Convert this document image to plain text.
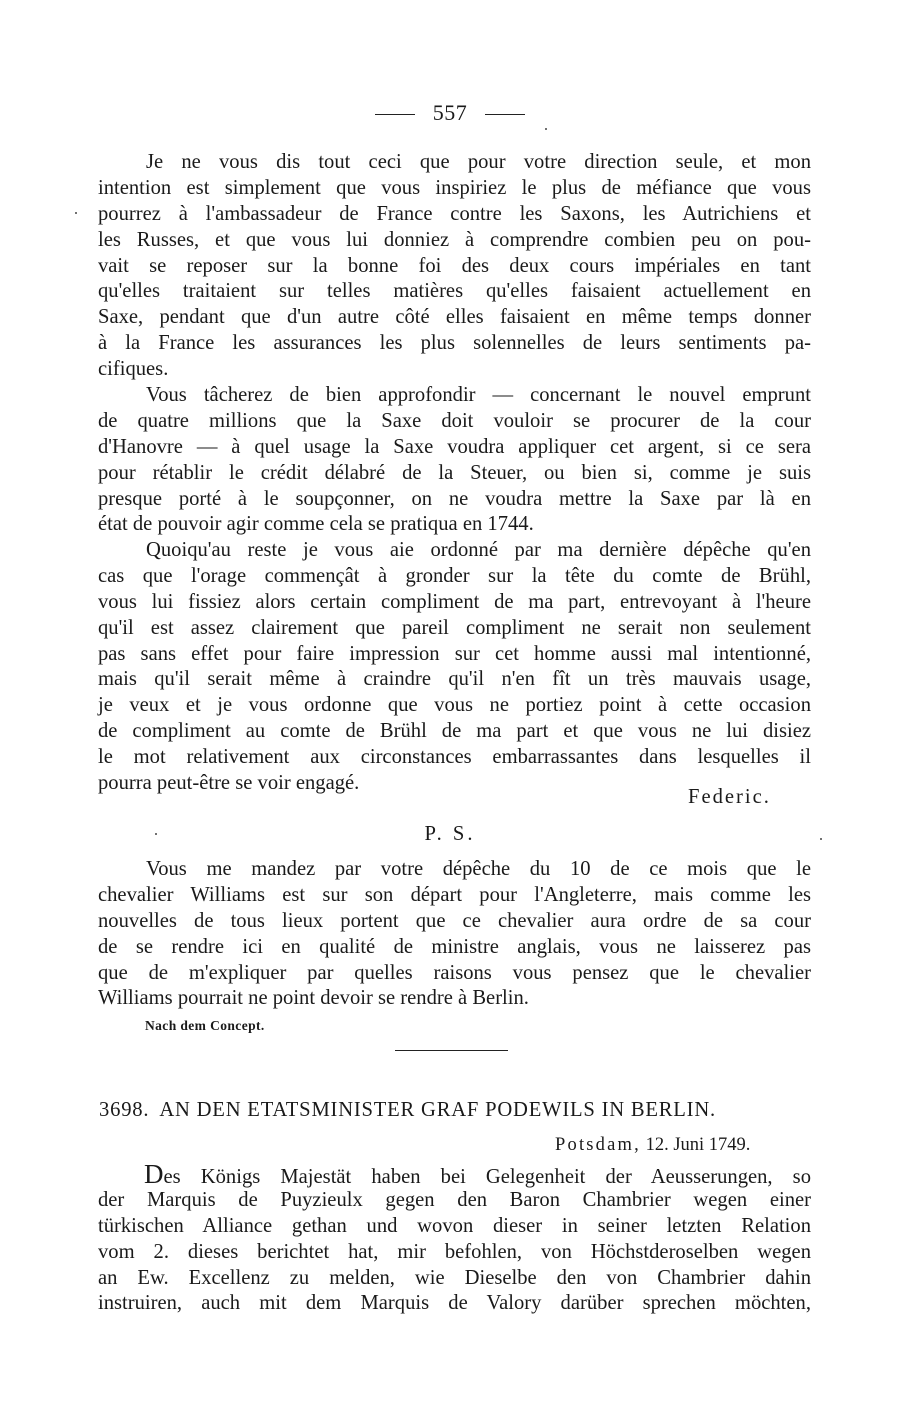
557
Je ne vous dis tout ceci que pour votre direction seule, et mon
intention est simplement que vous inspiriez le plus de méfiance que vous
pourrez à l'ambassadeur de France contre les Saxons, les Autrichiens et
les Russes, et que vous lui donniez à comprendre combien peu on pou-
vait se reposer sur la bonne foi des deux cours impériales en tant
qu'elles traitaient sur telles matières qu'elles faisaient actuellement en
Saxe, pendant que d'un autre côté elles faisaient en même temps donner
à la France les assurances les plus solennelles de leurs sentiments pa-
cifiques.
Vous tâcherez de bien approfondir — concernant le nouvel emprunt
de quatre millions que la Saxe doit vouloir se procurer de la cour
d'Hanovre — à quel usage la Saxe voudra appliquer cet argent, si ce sera
pour rétablir le crédit délabré de la Steuer, ou bien si, comme je suis
presque porté à le soupçonner, on ne voudra mettre la Saxe par là en
état de pouvoir agir comme cela se pratiqua en 1744.
Quoiqu'au reste je vous aie ordonné par ma dernière dépêche qu'en
cas que l'orage commençât à gronder sur la tête du comte de Brühl,
vous lui fissiez alors certain compliment de ma part, entrevoyant à l'heure
qu'il est assez clairement que pareil compliment ne serait non seulement
pas sans effet pour faire impression sur cet homme aussi mal intentionné,
mais qu'il serait même à craindre qu'il n'en fît un très mauvais usage,
je veux et je vous ordonne que vous ne portiez point à cette occasion
de compliment au comte de Brühl de ma part et que vous ne lui disiez
le mot relativement aux circonstances embarrassantes dans lesquelles il
pourra peut-être se voir engagé.
Federic.
P. S.
Vous me mandez par votre dépêche du 10 de ce mois que le
chevalier Williams est sur son départ pour l'Angleterre, mais comme les
nouvelles de tous lieux portent que ce chevalier aura ordre de sa cour
de se rendre ici en qualité de ministre anglais, vous ne laisserez pas
que de m'expliquer par quelles raisons vous pensez que le chevalier
Williams pourrait ne point devoir se rendre à Berlin.
Nach dem Concept.
3698. AN DEN ETATSMINISTER GRAF PODEWILS IN BERLIN.
Potsdam, 12. Juni 1749.
Des Königs Majestät haben bei Gelegenheit der Aeusserungen, so
der Marquis de Puyzieulx gegen den Baron Chambrier wegen einer
türkischen Alliance gethan und wovon dieser in seiner letzten Relation
vom 2. dieses berichtet hat, mir befohlen, von Höchstderoselben wegen
an Ew. Excellenz zu melden, wie Dieselbe den von Chambrier dahin
instruiren, auch mit dem Marquis de Valory darüber sprechen möchten,
